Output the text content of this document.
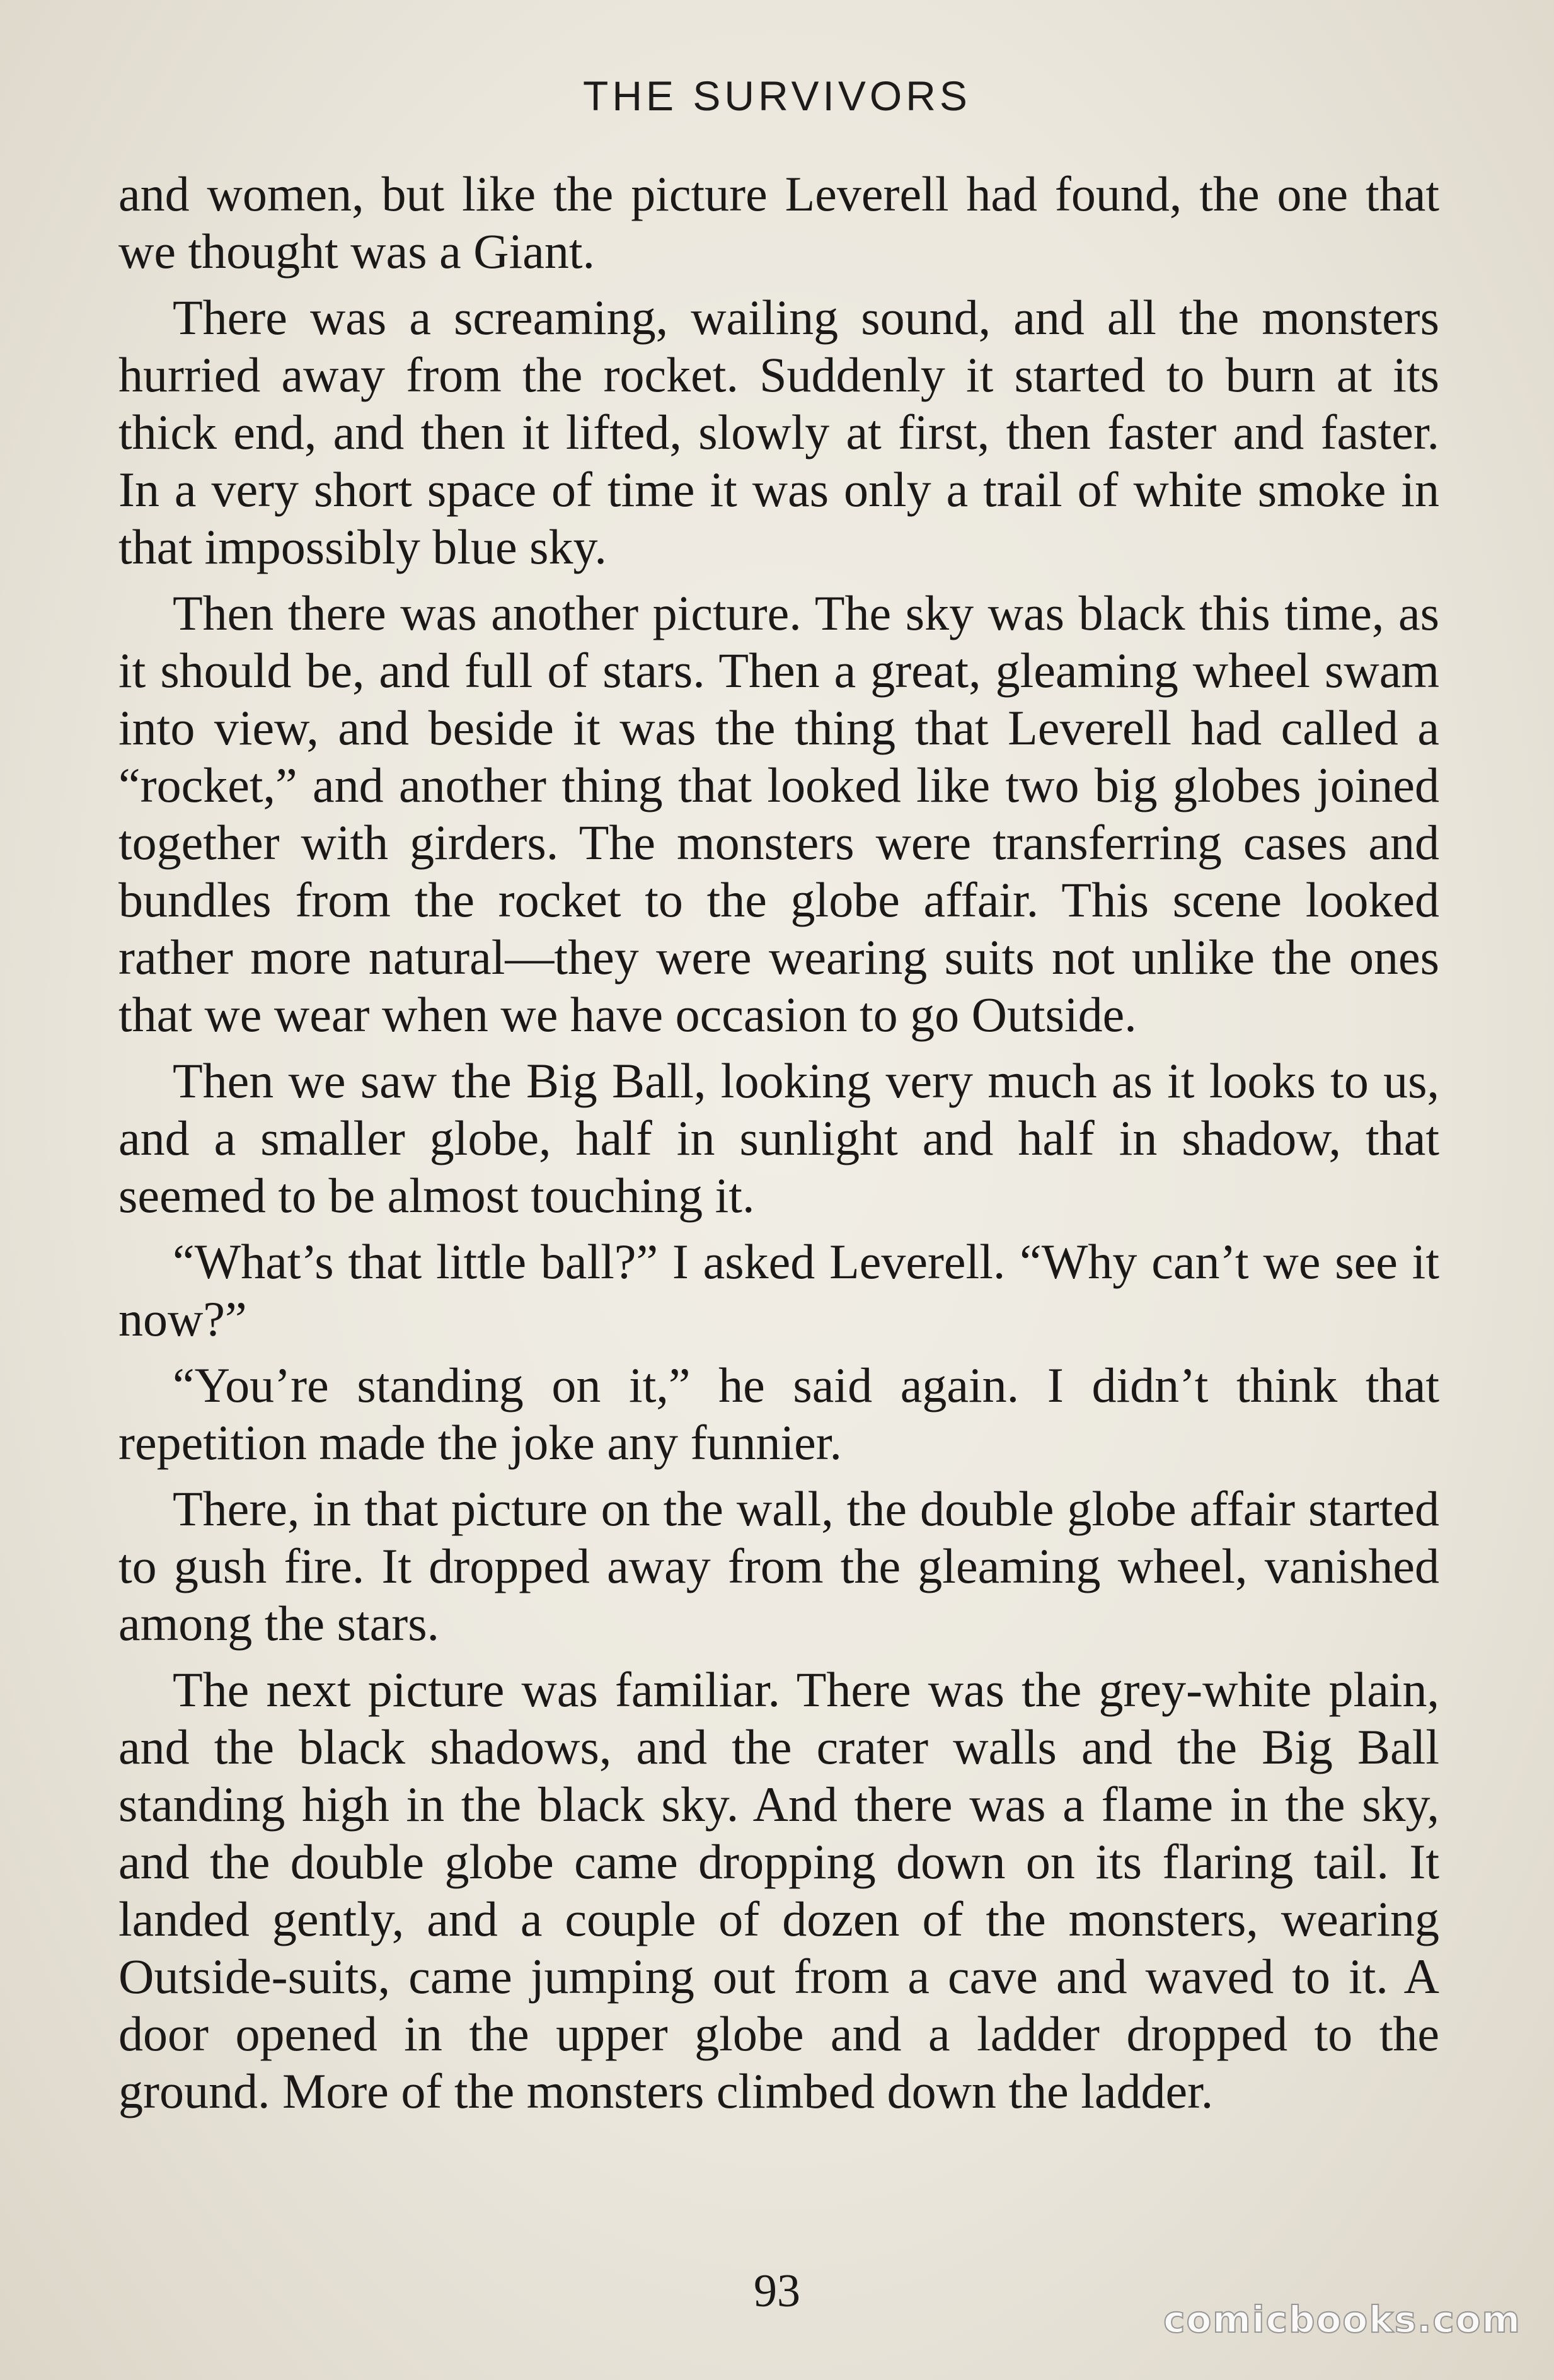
THE SURVIVORS

and women, but like the picture Leverell had found, the one that we thought was a Giant.

There was a screaming, wailing sound, and all the monsters hurried away from the rocket. Suddenly it started to burn at its thick end, and then it lifted, slowly at first, then faster and faster. In a very short space of time it was only a trail of white smoke in that impossibly blue sky.

Then there was another picture. The sky was black this time, as it should be, and full of stars. Then a great, gleaming wheel swam into view, and beside it was the thing that Leverell had called a “rocket,” and another thing that looked like two big globes joined together with girders. The monsters were transferring cases and bundles from the rocket to the globe affair. This scene looked rather more natural—they were wearing suits not unlike the ones that we wear when we have occasion to go Outside.

Then we saw the Big Ball, looking very much as it looks to us, and a smaller globe, half in sunlight and half in shadow, that seemed to be almost touching it.

“What’s that little ball?” I asked Leverell. “Why can’t we see it now?”

“You’re standing on it,” he said again. I didn’t think that repetition made the joke any funnier.

There, in that picture on the wall, the double globe affair started to gush fire. It dropped away from the gleaming wheel, vanished among the stars.

The next picture was familiar. There was the grey-white plain, and the black shadows, and the crater walls and the Big Ball standing high in the black sky. And there was a flame in the sky, and the double globe came dropping down on its flaring tail. It landed gently, and a couple of dozen of the monsters, wearing Outside-suits, came jumping out from a cave and waved to it. A door opened in the upper globe and a ladder dropped to the ground. More of the monsters climbed down the ladder.

93
comicbooks.com
